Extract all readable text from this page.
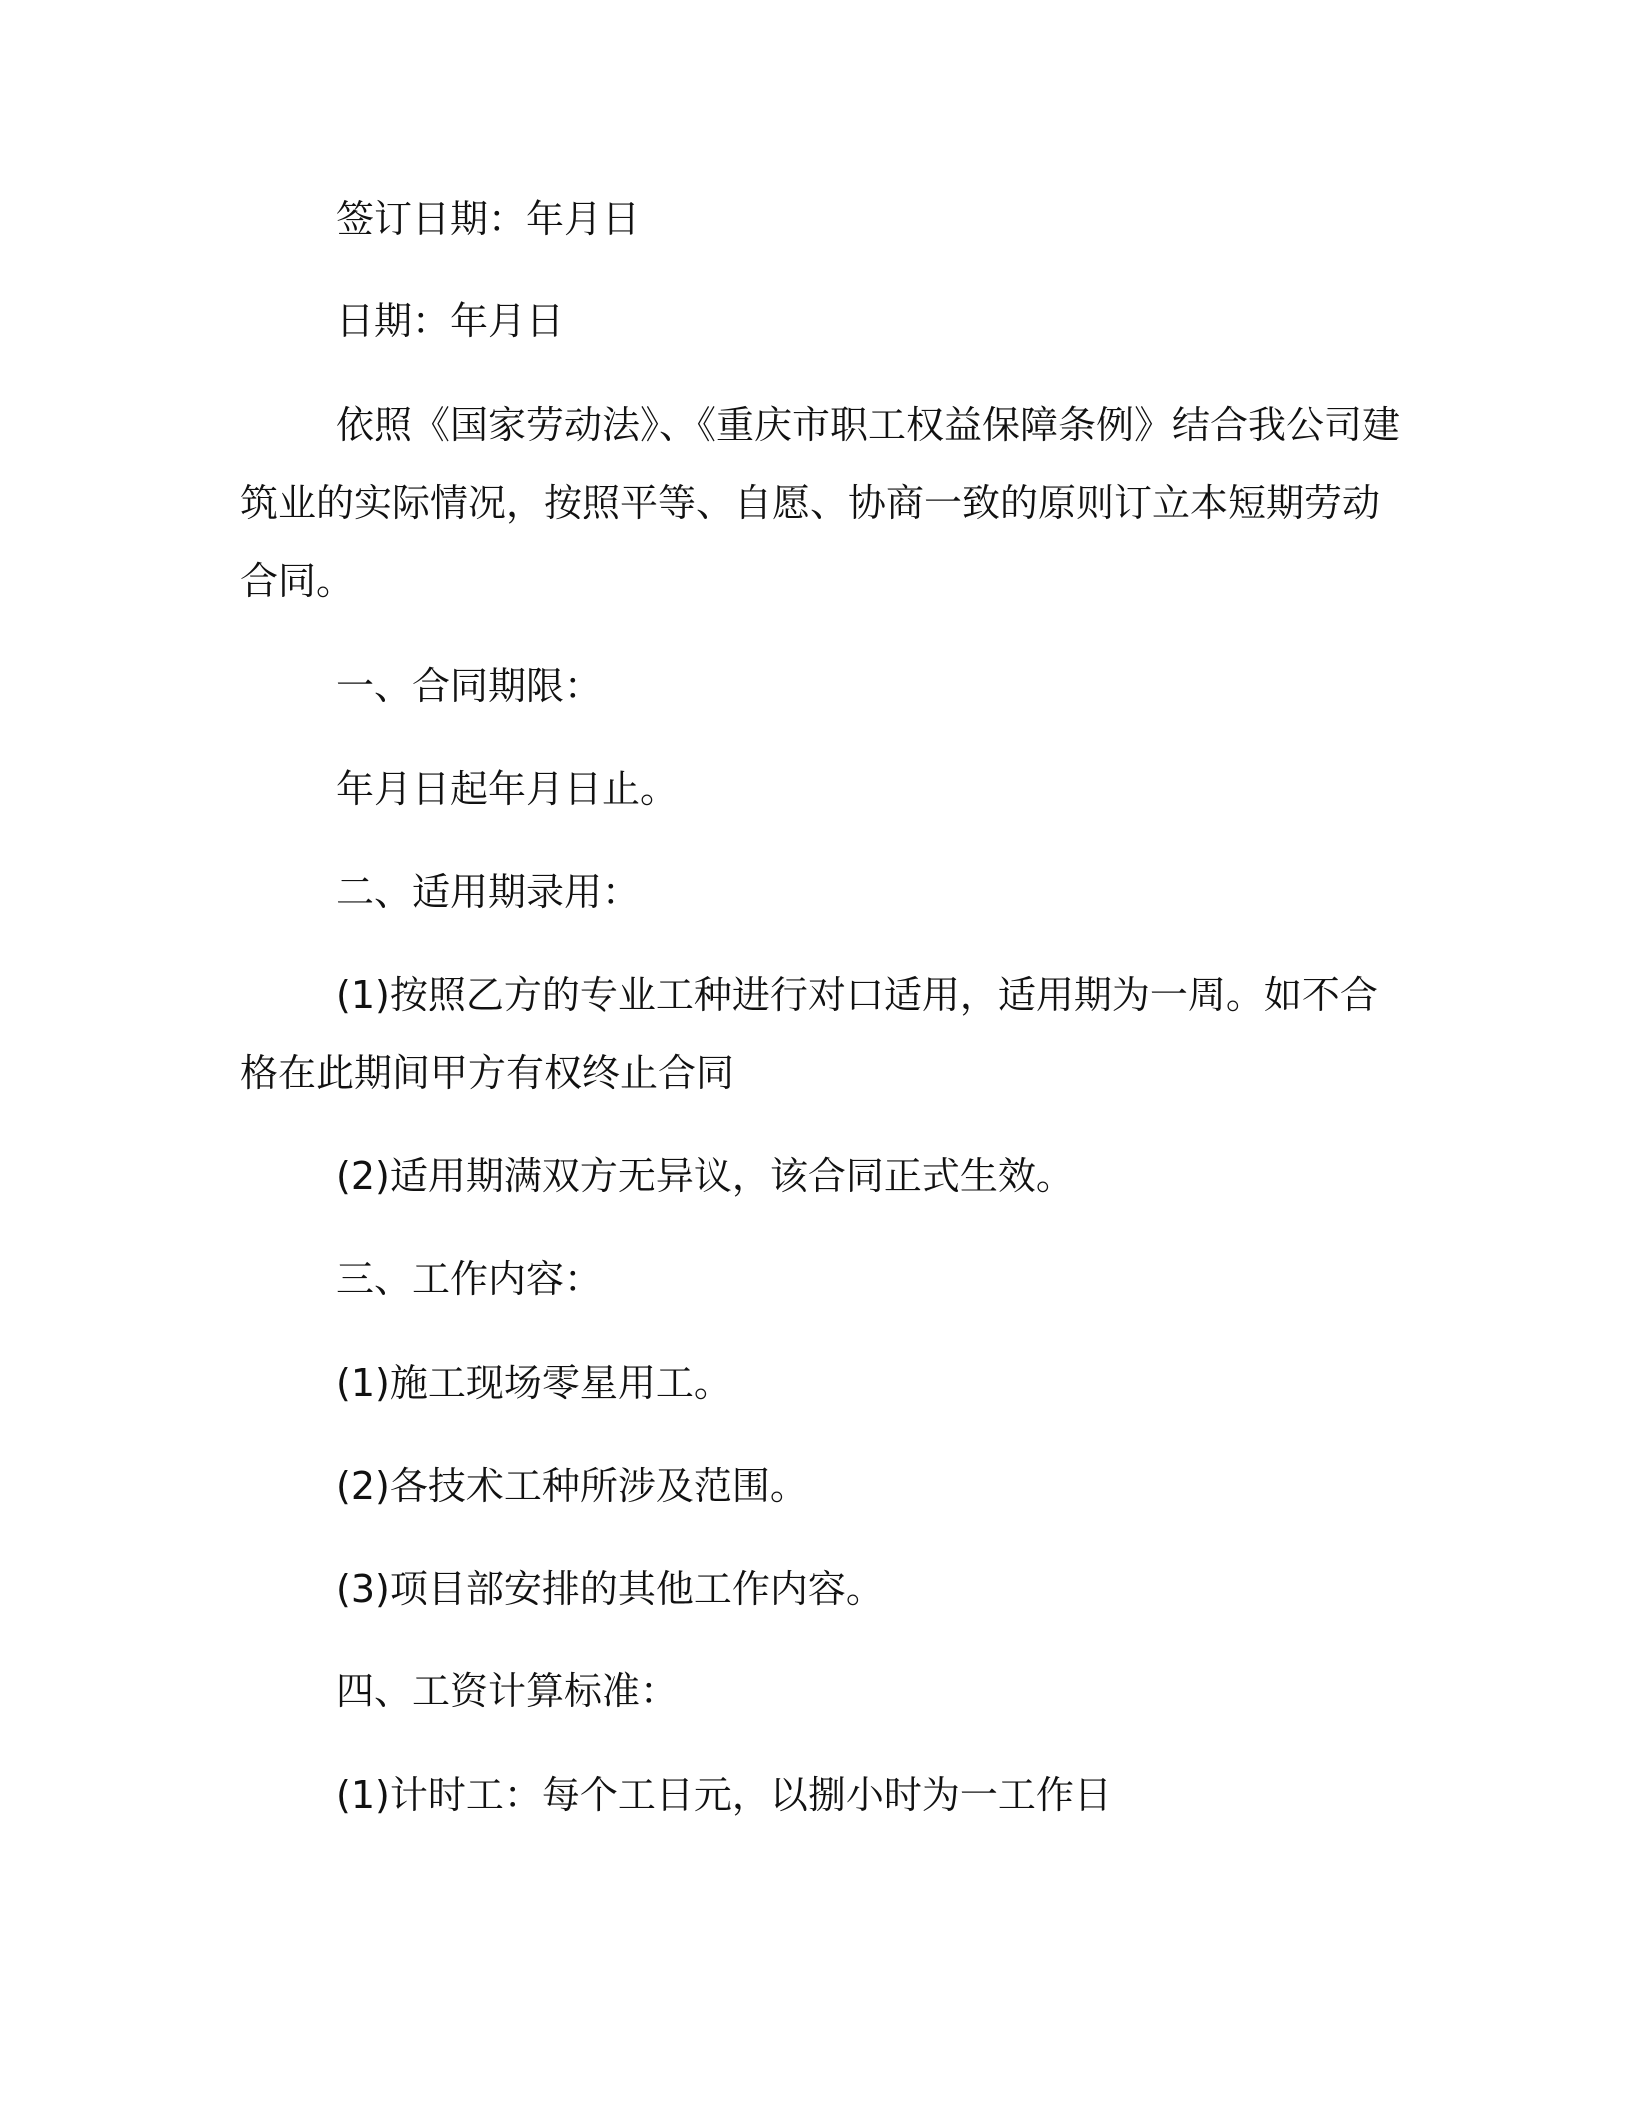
签订日期：年月日
日期：年月日
依照《国家劳动法》、《重庆市职工权益保障条例》结合我公司建筑业的实际情况，按照平等、自愿、协商一致的原则订立本短期劳动合同。
一、合同期限：
年月日起年月日止。
二、适用期录用：
(1)按照乙方的专业工种进行对口适用，适用期为一周。如不合格在此期间甲方有权终止合同
(2)适用期满双方无异议，该合同正式生效。
三、工作内容：
(1)施工现场零星用工。
(2)各技术工种所涉及范围。
(3)项目部安排的其他工作内容。
四、工资计算标准：
(1)计时工：每个工日元，以捌小时为一工作日
